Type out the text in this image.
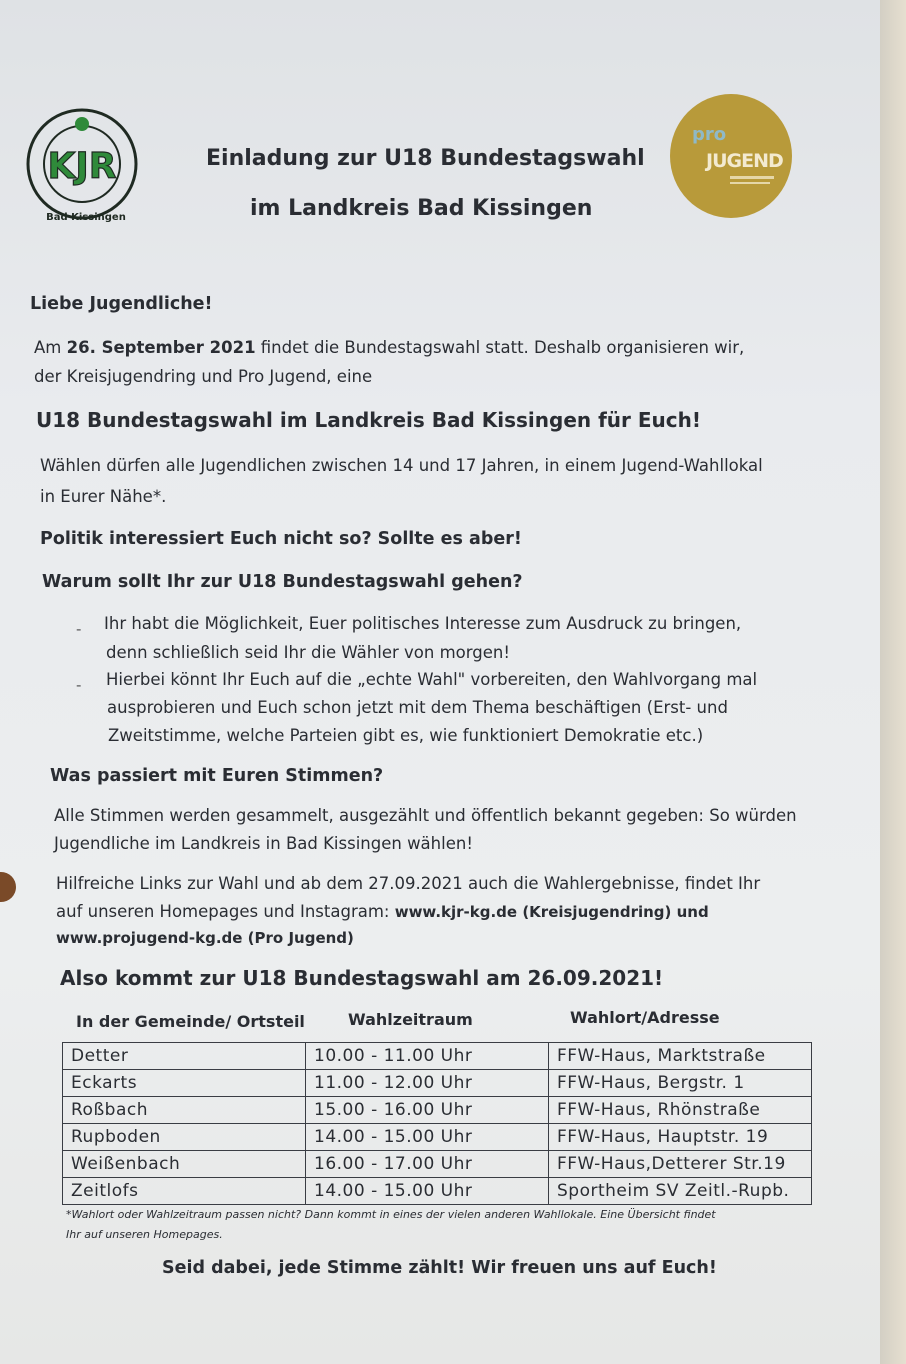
KJR
Bad Kissingen
pro
JUGEND
Einladung zur U18 Bundestagswahl
im Landkreis Bad Kissingen
Liebe Jugendliche!
Am 26. September 2021 findet die Bundestagswahl statt. Deshalb organisieren wir,
der Kreisjugendring und Pro Jugend, eine
U18 Bundestagswahl im Landkreis Bad Kissingen für Euch!
Wählen dürfen alle Jugendlichen zwischen 14 und 17 Jahren, in einem Jugend-Wahllokal
in Eurer Nähe*.
Politik interessiert Euch nicht so? Sollte es aber!
Warum sollt Ihr zur U18 Bundestagswahl gehen?
- Ihr habt die Möglichkeit, Euer politisches Interesse zum Ausdruck zu bringen,
denn schließlich seid Ihr die Wähler von morgen!
- Hierbei könnt Ihr Euch auf die „echte Wahl" vorbereiten, den Wahlvorgang mal
ausprobieren und Euch schon jetzt mit dem Thema beschäftigen (Erst- und
Zweitstimme, welche Parteien gibt es, wie funktioniert Demokratie etc.)
Was passiert mit Euren Stimmen?
Alle Stimmen werden gesammelt, ausgezählt und öffentlich bekannt gegeben: So würden
Jugendliche im Landkreis in Bad Kissingen wählen!
Hilfreiche Links zur Wahl und ab dem 27.09.2021 auch die Wahlergebnisse, findet Ihr
auf unseren Homepages und Instagram: www.kjr-kg.de (Kreisjugendring) und
www.projugend-kg.de (Pro Jugend)
Also kommt zur U18 Bundestagswahl am 26.09.2021!
In der Gemeinde/ Ortsteil	Wahlzeitraum	Wahlort/Adresse
Detter	10.00 - 11.00 Uhr	FFW-Haus, Marktstraße
Eckarts	11.00 - 12.00 Uhr	FFW-Haus, Bergstr. 1
Roßbach	15.00 - 16.00 Uhr	FFW-Haus, Rhönstraße
Rupboden	14.00 - 15.00 Uhr	FFW-Haus, Hauptstr. 19
Weißenbach	16.00 - 17.00 Uhr	FFW-Haus,Detterer Str.19
Zeitlofs	14.00 - 15.00 Uhr	Sportheim SV Zeitl.-Rupb.
*Wahlort oder Wahlzeitraum passen nicht? Dann kommt in eines der vielen anderen Wahllokale. Eine Übersicht findet
Ihr auf unseren Homepages.
Seid dabei, jede Stimme zählt! Wir freuen uns auf Euch!
